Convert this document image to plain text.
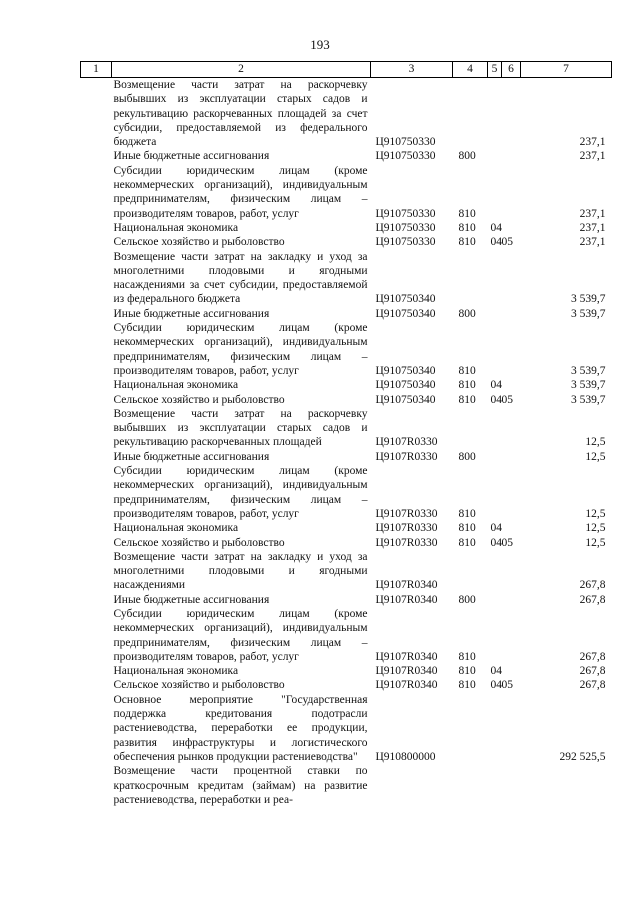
193
1	2	3	4	5	6	7
	Возмещение части затрат на раскорчевку выбывших из эксплуатации старых садов и рекультивацию раскорчеванных площадей за счет субсидии, предоставляемой из федерального бюджета	Ц910750330				237,1
	Иные бюджетные ассигнования	Ц910750330	800			237,1
	Субсидии юридическим лицам (кроме некоммерческих организаций), индивидуальным предпринимателям, физическим лицам – производителям товаров, работ, услуг	Ц910750330	810			237,1
	Национальная экономика	Ц910750330	810	04		237,1
	Сельское хозяйство и рыболовство	Ц910750330	810	04	05	237,1
	Возмещение части затрат на закладку и уход за многолетними плодовыми и ягодными насаждениями за счет субсидии, предоставляемой из федерального бюджета	Ц910750340				3 539,7
	Иные бюджетные ассигнования	Ц910750340	800			3 539,7
	Субсидии юридическим лицам (кроме некоммерческих организаций), индивидуальным предпринимателям, физическим лицам – производителям товаров, работ, услуг	Ц910750340	810			3 539,7
	Национальная экономика	Ц910750340	810	04		3 539,7
	Сельское хозяйство и рыболовство	Ц910750340	810	04	05	3 539,7
	Возмещение части затрат на раскорчевку выбывших из эксплуатации старых садов и рекультивацию раскорчеванных площадей	Ц9107R0330				12,5
	Иные бюджетные ассигнования	Ц9107R0330	800			12,5
	Субсидии юридическим лицам (кроме некоммерческих организаций), индивидуальным предпринимателям, физическим лицам – производителям товаров, работ, услуг	Ц9107R0330	810			12,5
	Национальная экономика	Ц9107R0330	810	04		12,5
	Сельское хозяйство и рыболовство	Ц9107R0330	810	04	05	12,5
	Возмещение части затрат на закладку и уход за многолетними плодовыми и ягодными насаждениями	Ц9107R0340				267,8
	Иные бюджетные ассигнования	Ц9107R0340	800			267,8
	Субсидии юридическим лицам (кроме некоммерческих организаций), индивидуальным предпринимателям, физическим лицам – производителям товаров, работ, услуг	Ц9107R0340	810			267,8
	Национальная экономика	Ц9107R0340	810	04		267,8
	Сельское хозяйство и рыболовство	Ц9107R0340	810	04	05	267,8
	Основное мероприятие "Государственная поддержка кредитования подотрасли растениеводства, переработки ее продукции, развития инфраструктуры и логистического обеспечения рынков продукции растениеводства"	Ц910800000				292 525,5
	Возмещение части процентной ставки по краткосрочным кредитам (займам) на развитие растениеводства, переработки и реа-					
